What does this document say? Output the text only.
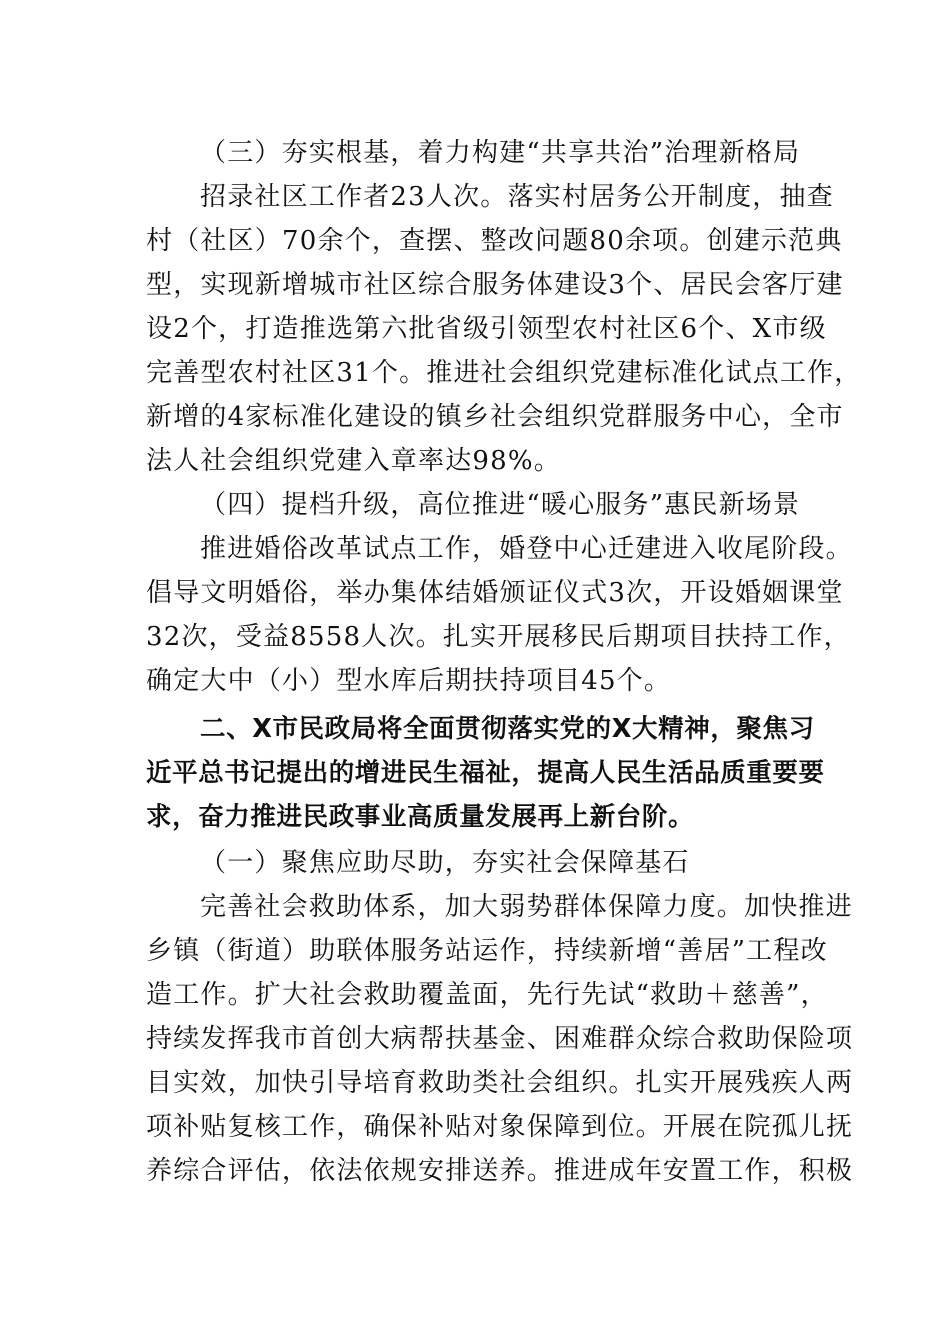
（三）夯实根基，着力构建“共享共治”治理新格局
招录社区工作者23人次。落实村居务公开制度，抽查
村（社区）70余个，查摆、整改问题80余项。创建示范典
型，实现新增城市社区综合服务体建设3个、居民会客厅建
设2个，打造推选第六批省级引领型农村社区6个、X市级
完善型农村社区31个。推进社会组织党建标准化试点工作，
新增的4家标准化建设的镇乡社会组织党群服务中心，全市
法人社会组织党建入章率达98%。
（四）提档升级，高位推进“暖心服务”惠民新场景
推进婚俗改革试点工作，婚登中心迁建进入收尾阶段。
倡导文明婚俗，举办集体结婚颁证仪式3次，开设婚姻课堂
32次，受益8558人次。扎实开展移民后期项目扶持工作，
确定大中（小）型水库后期扶持项目45个。
二、X市民政局将全面贯彻落实党的X大精神，聚焦习
近平总书记提出的增进民生福祉，提高人民生活品质重要要
求，奋力推进民政事业高质量发展再上新台阶。
（一）聚焦应助尽助，夯实社会保障基石
完善社会救助体系，加大弱势群体保障力度。加快推进
乡镇（街道）助联体服务站运作，持续新增“善居”工程改
造工作。扩大社会救助覆盖面，先行先试“救助＋慈善”，
持续发挥我市首创大病帮扶基金、困难群众综合救助保险项
目实效，加快引导培育救助类社会组织。扎实开展残疾人两
项补贴复核工作，确保补贴对象保障到位。开展在院孤儿抚
养综合评估，依法依规安排送养。推进成年安置工作，积极
